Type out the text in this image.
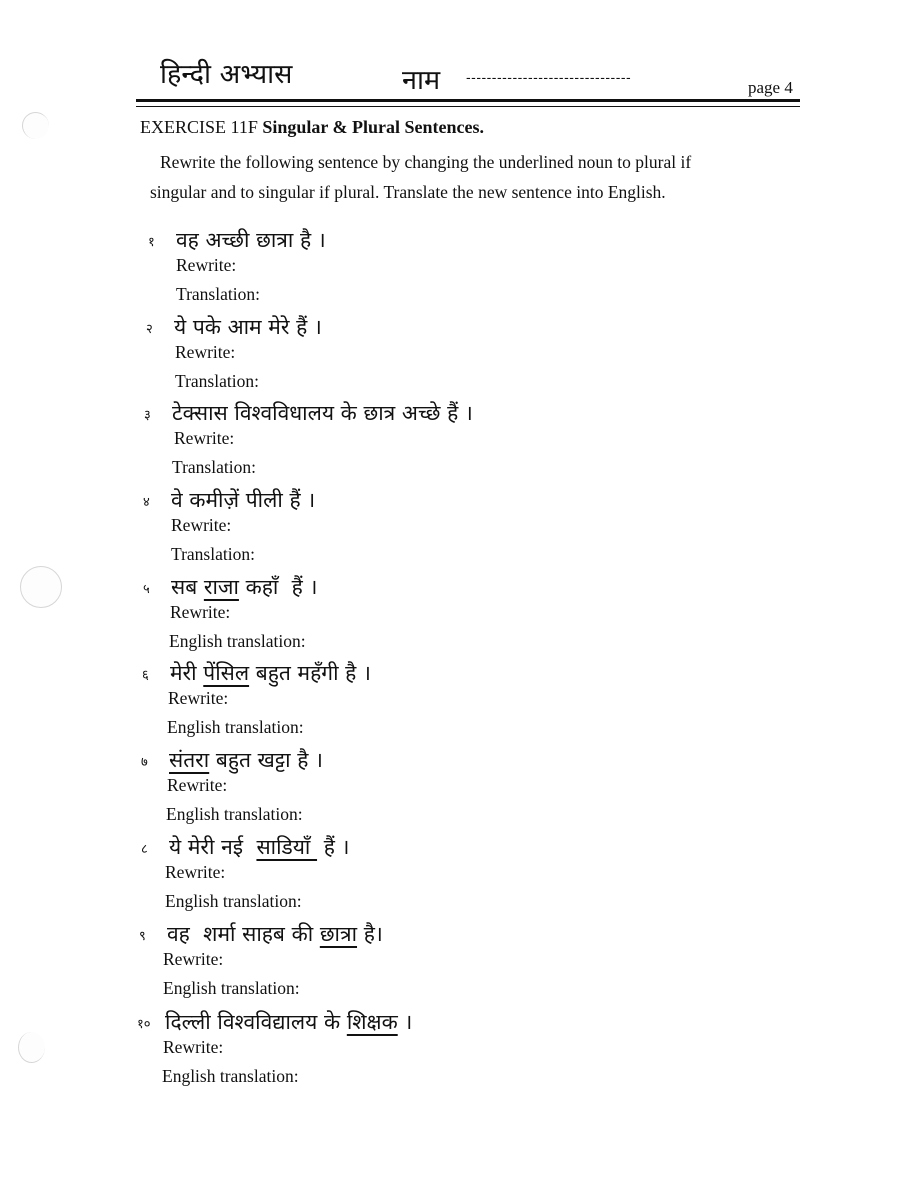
हिन्दी अभ्यास	नाम --------------------------------
page 4
EXERCISE 11F Singular & Plural Sentences.
Rewrite the following sentence by changing the underlined noun to plural if
singular and to singular if plural. Translate the new sentence into English.
१ वह अच्छी छात्रा है ।
Rewrite:
Translation:
२ ये पके आम मेरे हैं ।
Rewrite:
Translation:
३ टेक्सास विश्वविधालय के छात्र अच्छे हैं ।
Rewrite:
Translation:
४ वे कमीज़ें पीली हैं ।
Rewrite:
Translation:
५ सब राजा कहाँ  हैं ।
Rewrite:
English translation:
६ मेरी पेंसिल बहुत महँगी है ।
Rewrite:
English translation:
७ संतरा बहुत खट्टा है ।
Rewrite:
English translation:
८ ये मेरी नई  साडियाँ  हैं ।
Rewrite:
English translation:
९ वह  शर्मा साहब की छात्रा है।
Rewrite:
English translation:
१० दिल्ली विश्वविद्यालय के शिक्षक ।
Rewrite:
English translation:
